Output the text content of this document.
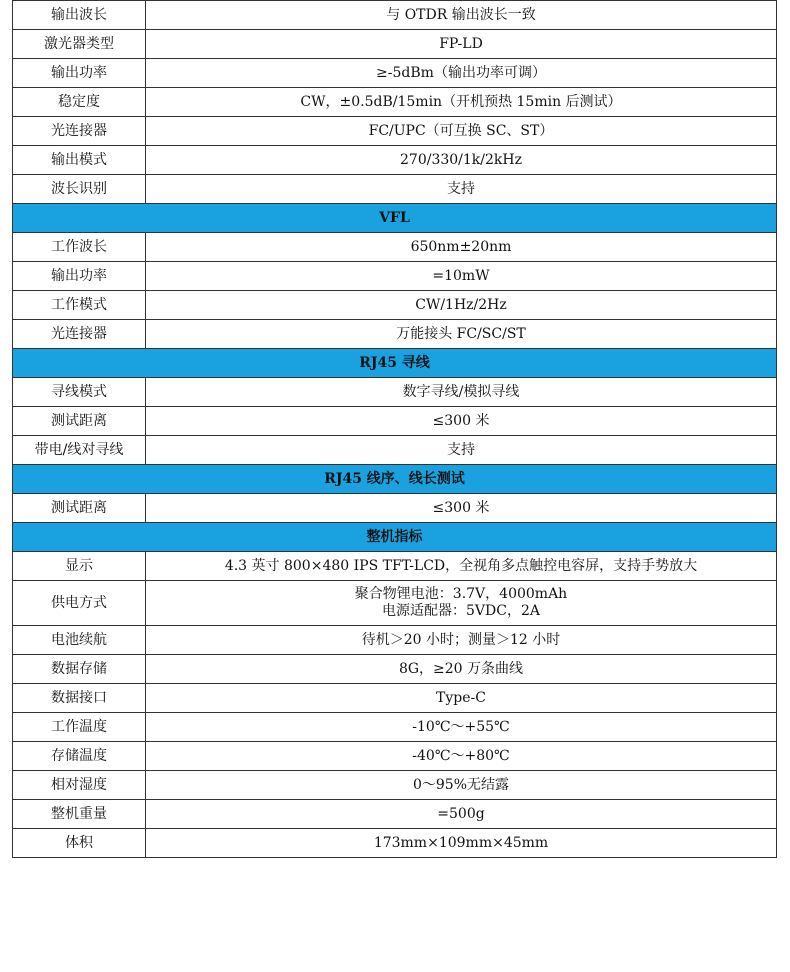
输出波长	与 OTDR 输出波长一致
激光器类型	FP-LD
输出功率	≥-5dBm（输出功率可调）
稳定度	CW，±0.5dB/15min（开机预热 15min 后测试）
光连接器	FC/UPC（可互换 SC、ST）
输出模式	270/330/1k/2kHz
波长识别	支持
VFL	
工作波长	650nm±20nm
输出功率	=10mW
工作模式	CW/1Hz/2Hz
光连接器	万能接头 FC/SC/ST
RJ45 寻线	
寻线模式	数字寻线/模拟寻线
测试距离	≤300 米
带电/线对寻线	支持
RJ45 线序、线长测试	
测试距离	≤300 米
整机指标	
显示	4.3 英寸 800×480 IPS TFT-LCD，全视角多点触控电容屏，支持手势放大
供电方式	聚合物锂电池：3.7V，4000mAh
电源适配器：5VDC，2A

电池续航	待机＞20 小时；测量＞12 小时
数据存储	8G，≥20 万条曲线
数据接口	Type-C
工作温度	-10℃～+55℃
存储温度	-40℃～+80℃
相对湿度	0～95%无结露
整机重量	=500g
体积	173mm×109mm×45mm
